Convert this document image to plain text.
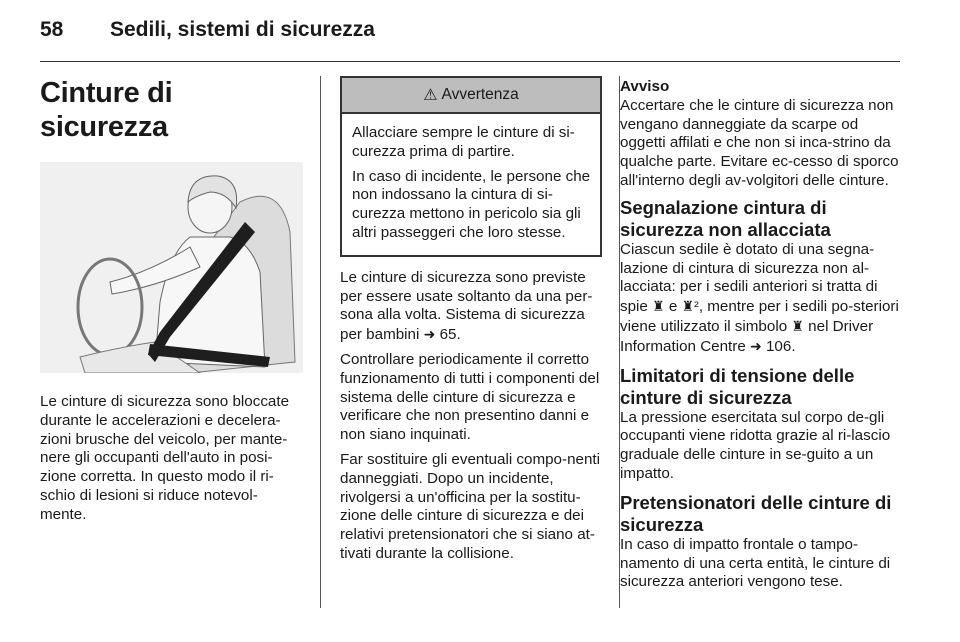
58 Sedili, sistemi di sicurezza
Cinture di sicurezza

Le cinture di sicurezza sono bloccate durante le accelerazioni e decelera-zioni brusche del veicolo, per mante-nere gli occupanti dell'auto in posi-zione corretta. In questo modo il ri-schio di lesioni si riduce notevol-mente.

⚠ Avvertenza

Allacciare sempre le cinture di si-curezza prima di partire.

In caso di incidente, le persone che non indossano la cintura di si-curezza mettono in pericolo sia gli altri passeggeri che loro stesse.

Le cinture di sicurezza sono previste per essere usate soltanto da una per-sona alla volta. Sistema di sicurezza per bambini ➜ 65.

Controllare periodicamente il corretto funzionamento di tutti i componenti del sistema delle cinture di sicurezza e verificare che non presentino danni e non siano inquinati.

Far sostituire gli eventuali compo-nenti danneggiati. Dopo un incidente, rivolgersi a un'officina per la sostitu-zione delle cinture di sicurezza e dei relativi pretensionatori che si siano at-tivati durante la collisione.

Avviso

Accertare che le cinture di sicurezza non vengano danneggiate da scarpe od oggetti affilati e che non si inca-strino da qualche parte. Evitare ec-cesso di sporco all'interno degli av-volgitori delle cinture.

Segnalazione cintura di sicurezza non allacciata

Ciascun sedile è dotato di una segna-lazione di cintura di sicurezza non al-lacciata: per i sedili anteriori si tratta di spie ♜ e ♜², mentre per i sedili po-steriori viene utilizzato il simbolo ♜ nel Driver Information Centre ➜ 106.

Limitatori di tensione delle cinture di sicurezza

La pressione esercitata sul corpo de-gli occupanti viene ridotta grazie al ri-lascio graduale delle cinture in se-guito a un impatto.

Pretensionatori delle cinture di sicurezza

In caso di impatto frontale o tampo-namento di una certa entità, le cinture di sicurezza anteriori vengono tese.
